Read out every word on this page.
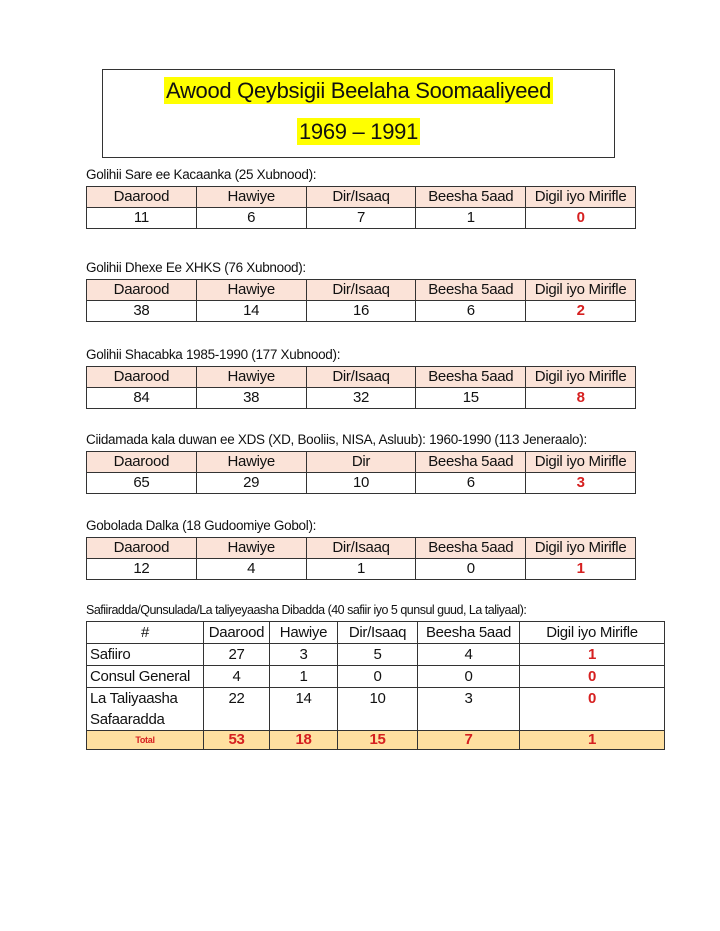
Awood Qeybsigii Beelaha Soomaaliyeed
1969 – 1991
Golihii Sare ee Kacaanka (25 Xubnood):
Daarood	Hawiye	Dir/Isaaq	Beesha 5aad	Digil iyo Mirifle
11	6	7	1	0
Golihii Dhexe Ee XHKS (76 Xubnood):
Daarood	Hawiye	Dir/Isaaq	Beesha 5aad	Digil iyo Mirifle
38	14	16	6	2
Golihii Shacabka 1985-1990 (177 Xubnood):
Daarood	Hawiye	Dir/Isaaq	Beesha 5aad	Digil iyo Mirifle
84	38	32	15	8
Ciidamada kala duwan ee XDS (XD, Booliis, NISA, Asluub): 1960-1990 (113 Jeneraalo):
Daarood	Hawiye	Dir	Beesha 5aad	Digil iyo Mirifle
65	29	10	6	3
Gobolada Dalka (18 Gudoomiye Gobol):
Daarood	Hawiye	Dir/Isaaq	Beesha 5aad	Digil iyo Mirifle
12	4	1	0	1
Safiiradda/Qunsulada/La taliyeyaasha Dibadda (40 safiir iyo 5 qunsul guud, La taliyaal):
#	Daarood	Hawiye	Dir/Isaaq	Beesha 5aad	Digil iyo Mirifle
Safiiro	27	3	5	4	1
Consul General	4	1	0	0	0
La Taliyaasha Safaaradda	22	14	10	3	0
Total	53	18	15	7	1
